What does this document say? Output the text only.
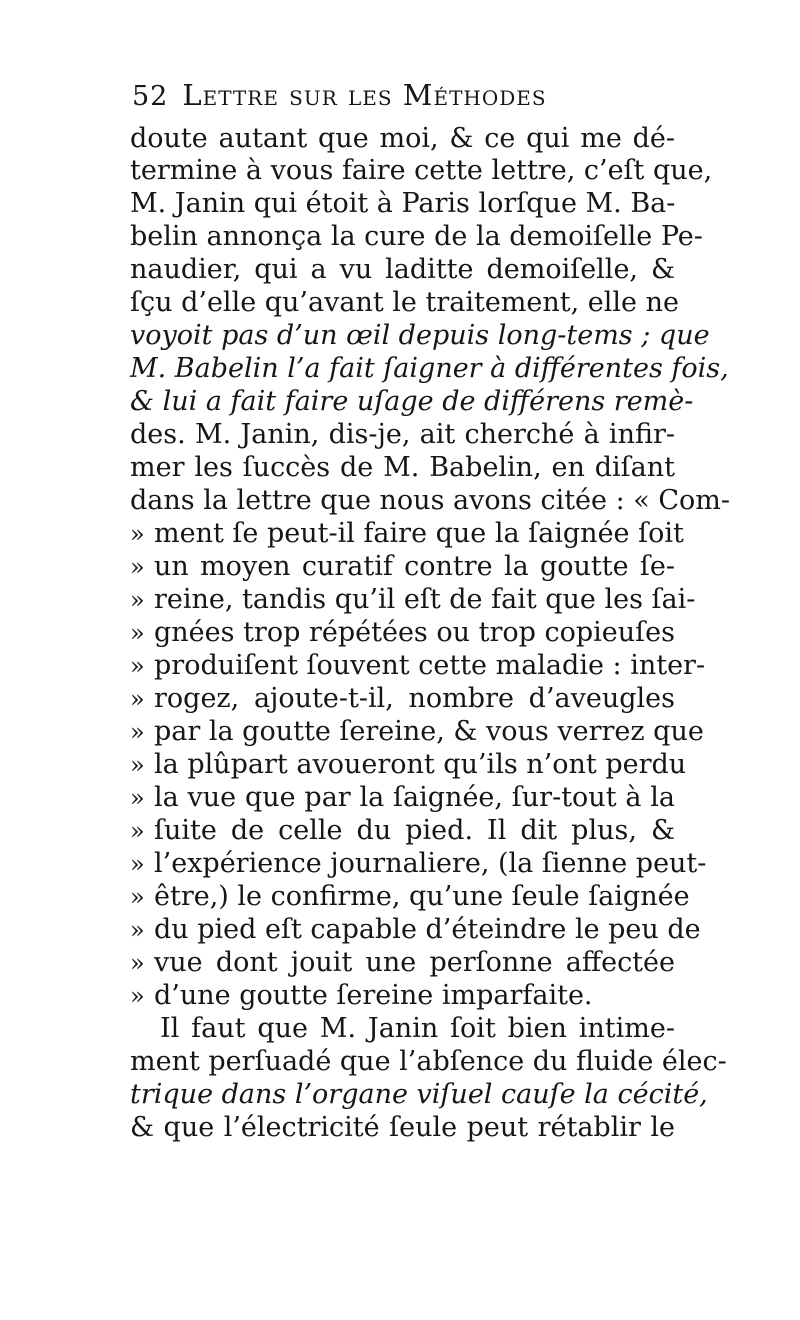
52 Lettre sur les Méthodes
doute autant que moi, & ce qui me dé-
termine à vous faire cette lettre, c’eſt que,
M. Janin qui étoit à Paris lorſque M. Ba-
belin annonça la cure de la demoiſelle Pe-
naudier, qui a vu laditte demoiſelle, &
ſçu d’elle qu’avant le traitement, elle ne
voyoit pas d’un œil depuis long-tems ; que
M. Babelin l’a fait ſaigner à différentes fois,
& lui a fait faire uſage de différens remè-
des. M. Janin, dis-je, ait cherché à infir-
mer les ſuccès de M. Babelin, en diſant
dans la lettre que nous avons citée : « Com-
» ment ſe peut-il faire que la ſaignée ſoit
» un moyen curatif contre la goutte ſe-
» reine, tandis qu’il eſt de fait que les ſai-
» gnées trop répétées ou trop copieuſes
» produiſent ſouvent cette maladie : inter-
» rogez, ajoute-t-il, nombre d’aveugles
» par la goutte ſereine, & vous verrez que
» la plûpart avoueront qu’ils n’ont perdu
» la vue que par la ſaignée, ſur-tout à la
» ſuite de celle du pied. Il dit plus, &
» l’expérience journaliere, (la ſienne peut-
» être,) le confirme, qu’une ſeule ſaignée
» du pied eſt capable d’éteindre le peu de
» vue dont jouit une perſonne affectée
» d’une goutte ſereine imparfaite.
Il faut que M. Janin ſoit bien intime-
ment perſuadé que l’abſence du fluide élec-
trique dans l’organe viſuel cauſe la cécité,
& que l’électricité ſeule peut rétablir le
